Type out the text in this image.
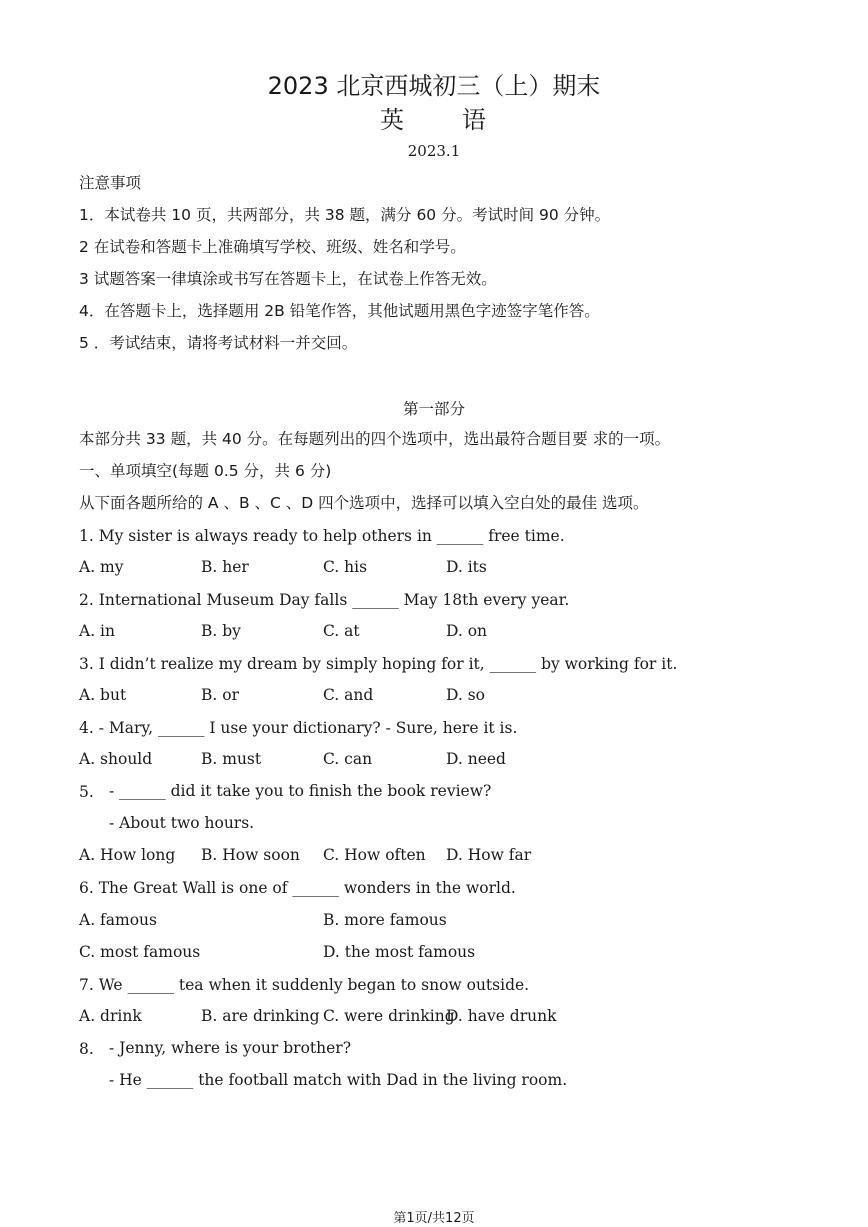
2023 北京西城初三（上）期末
英 语
2023.1
注意事项
1．本试卷共 10 页，共两部分，共 38 题，满分 60 分。考试时间 90 分钟。
2 在试卷和答题卡上准确填写学校、班级、姓名和学号。
3 试题答案一律填涂或书写在答题卡上，在试卷上作答无效。
4．在答题卡上，选择题用 2B 铅笔作答，其他试题用黑色字迹签字笔作答。
5 ．考试结束，请将考试材料一并交回。
第一部分
本部分共 33 题，共 40 分。在每题列出的四个选项中，选出最符合题目要 求的一项。
一、单项填空(每题 0.5 分，共 6 分)
从下面各题所给的 A 、B 、C 、D 四个选项中，选择可以填入空白处的最佳 选项。
1. My sister is always ready to help others in ______ free time.
A. my	B. her	C. his	D. its
2. International Museum Day falls ______ May 18th every year.
A. in	B. by	C. at	D. on
3. I didn’t realize my dream by simply hoping for it, ______ by working for it.
A. but	B. or	C. and	D. so
4. - Mary, ______ I use your dictionary? - Sure, here it is.
A. should	B. must	C. can	D. need
5. - ______ did it take you to finish the book review?
- About two hours.
A. How long B. How soon C. How often D. How far
6. The Great Wall is one of ______ wonders in the world.
A. famous	B. more famous
C. most famous	D. the most famous
7. We ______ tea when it suddenly began to snow outside.
A. drink	B. are drinking C. were drinking
D. have drunk
8. - Jenny, where is your brother?
- He ______ the football match with Dad in the living room.
第1页/共12页
